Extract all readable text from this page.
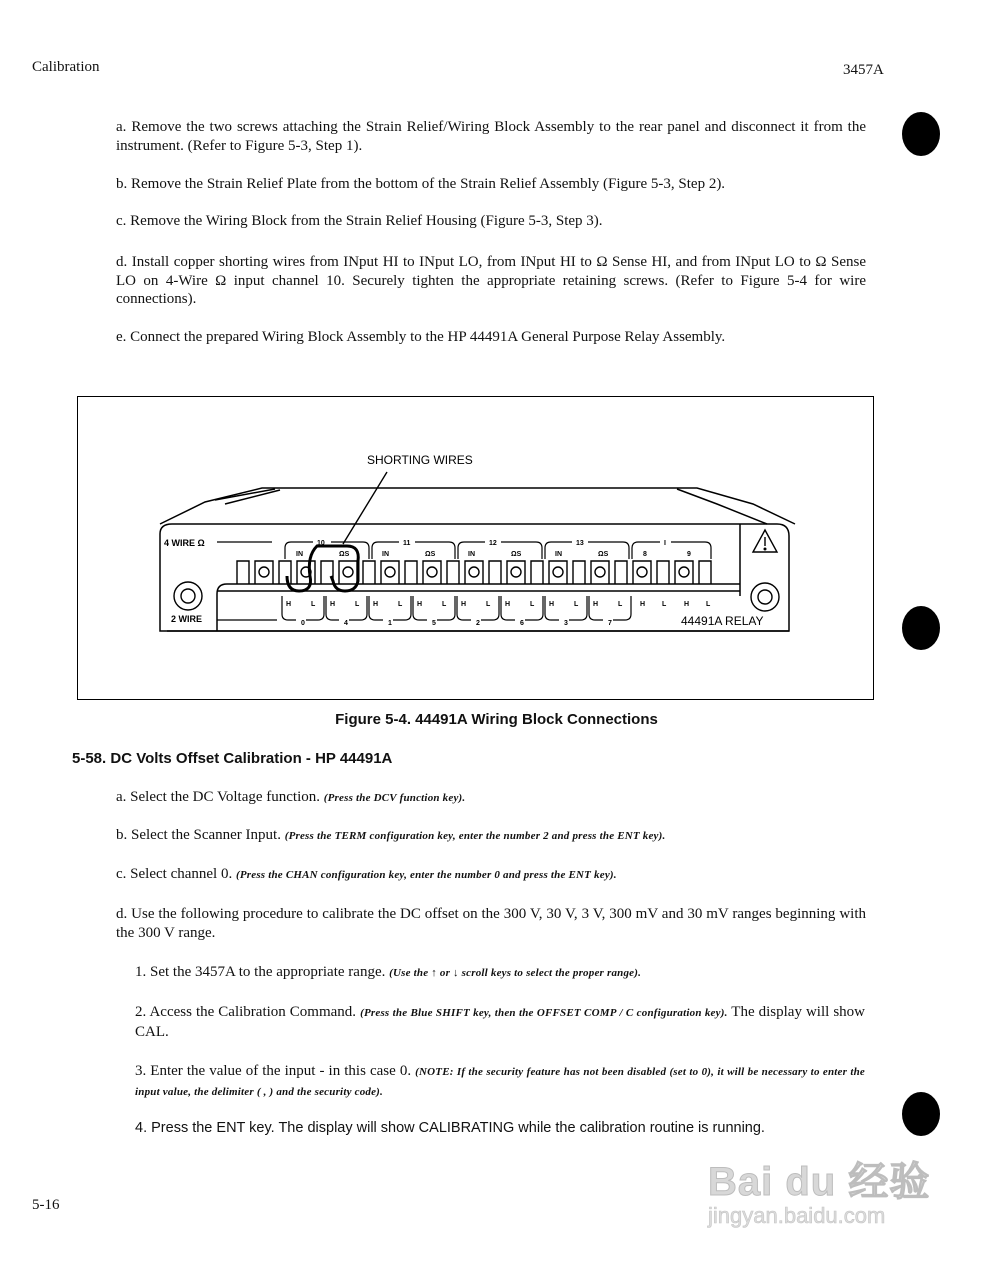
Calibration	3457A
a. Remove the two screws attaching the Strain Relief/Wiring Block Assembly to the rear panel and disconnect it from the instrument. (Refer to Figure 5-3, Step 1).
b. Remove the Strain Relief Plate from the bottom of the Strain Relief Assembly (Figure 5-3, Step 2).
c. Remove the Wiring Block from the Strain Relief Housing (Figure 5-3, Step 3).
d. Install copper shorting wires from INput HI to INput LO, from INput HI to Ω Sense HI, and from INput LO to Ω Sense LO on 4-Wire Ω input channel 10. Securely tighten the appropriate retaining screws. (Refer to Figure 5-4 for wire connections).
e. Connect the prepared Wiring Block Assembly to the HP 44491A General Purpose Relay Assembly.
SHORTING WIRES
4 WIRE Ω
2 WIRE	44491A RELAY
10	11	12	13	I
IN	ΩS	IN	ΩS	IN	ΩS	IN	ΩS	8	9
0	4	1	5	2	6	3	7
H	L H	L H	L H	L H	L H	L H	L H	L	H L	H L
Figure 5-4. 44491A Wiring Block Connections
5-58. DC Volts Offset Calibration - HP 44491A
a. Select the DC Voltage function. (Press the DCV function key).
b. Select the Scanner Input. (Press the TERM configuration key, enter the number 2 and press the ENT key).
c. Select channel 0. (Press the CHAN configuration key, enter the number 0 and press the ENT key).
d. Use the following procedure to calibrate the DC offset on the 300 V, 30 V, 3 V, 300 mV and 30 mV ranges beginning with the 300 V range.
1. Set the 3457A to the appropriate range. (Use the ↑ or ↓ scroll keys to select the proper range).
2. Access the Calibration Command. (Press the Blue SHIFT key, then the OFFSET COMP / C configuration key). The display will show CAL.
3. Enter the value of the input - in this case 0. (NOTE: If the security feature has not been disabled (set to 0), it will be necessary to enter the input value, the delimiter ( , ) and the security code).
4. Press the ENT key. The display will show CALIBRATING while the calibration routine is running.
5-16
Bai du 经验
jingyan.baidu.com
